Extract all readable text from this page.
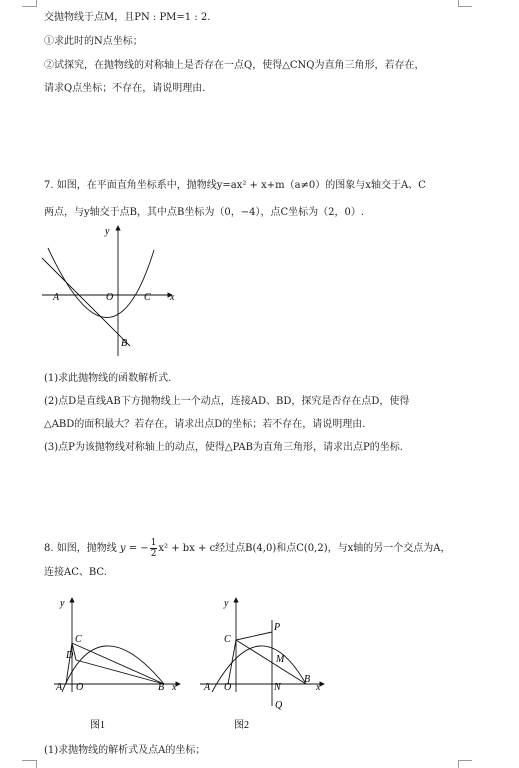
交抛物线于点M，且PN : PM=1 : 2.
①求此时的N点坐标；
②试探究，在抛物线的对称轴上是否存在一点Q，使得△CNQ为直角三角形，若存在，
请求Q点坐标；不存在，请说明理由.
7. 如图，在平面直角坐标系中，抛物线y=ax² + x+m（a≠0）的图象与x轴交于A、C
两点，与y轴交于点B，其中点B坐标为（0，−4），点C坐标为（2，0）.
y
x
A	O	C
B
(1)求此抛物线的函数解析式.
(2)点D是直线AB下方抛物线上一个动点，连接AD、BD，探究是否存在点D，使得
△ABD的面积最大？若存在，请求出点D的坐标；若不存在，请说明理由.
(3)点P为该抛物线对称轴上的动点，使得△PAB为直角三角形，请求出点P的坐标.
8. 如图，抛物线 y = − $\frac{1}{2} x^2$ + bx + c经过点B(4,0)和点C(0,2)，与x轴的另一个交点为A，
连接AC、BC.
y
x
A O
C
D
B
图1
y
x
A O
C
P
M
N
B
Q
图2
(1)求抛物线的解析式及点A的坐标；
